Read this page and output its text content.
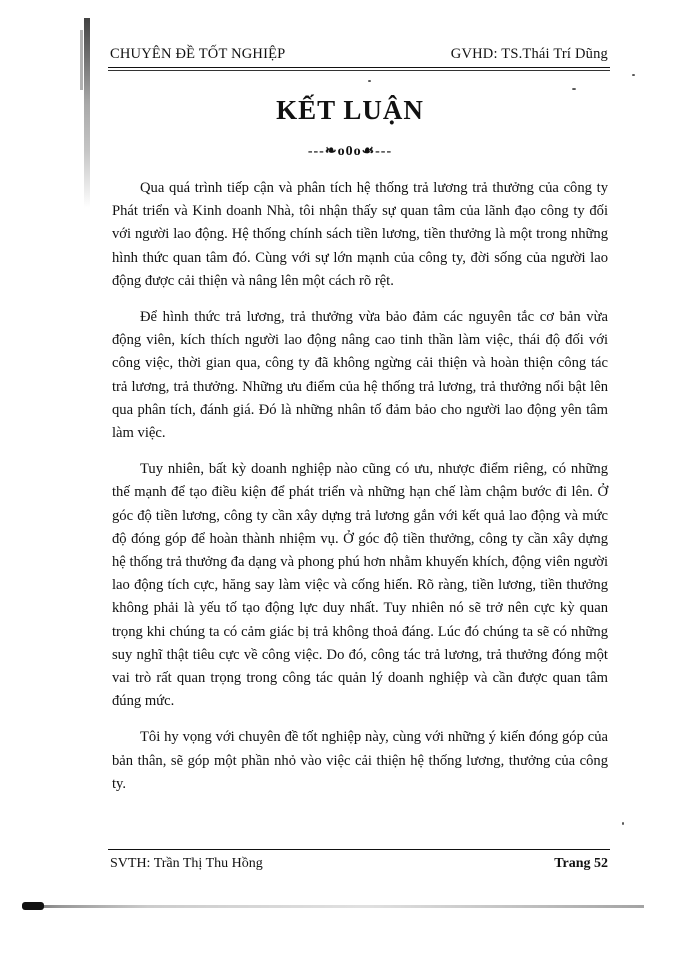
CHUYÊN ĐỀ TỐT NGHIỆP	GVHD: TS.Thái Trí Dũng
KẾT LUẬN
---❧o0o☙---

Qua quá trình tiếp cận và phân tích hệ thống trả lương trả thưởng của công ty Phát triển và Kinh doanh Nhà, tôi nhận thấy sự quan tâm của lãnh đạo công ty đối với người lao động. Hệ thống chính sách tiền lương, tiền thưởng là một trong những hình thức quan tâm đó. Cùng với sự lớn mạnh của công ty, đời sống của người lao động được cải thiện và nâng lên một cách rõ rệt.

Để hình thức trả lương, trả thưởng vừa bảo đảm các nguyên tắc cơ bản vừa động viên, kích thích người lao động nâng cao tinh thần làm việc, thái độ đối với công việc, thời gian qua, công ty đã không ngừng cải thiện và hoàn thiện công tác trả lương, trả thưởng. Những ưu điểm của hệ thống trả lương, trả thưởng nổi bật lên qua phân tích, đánh giá. Đó là những nhân tố đảm bảo cho người lao động yên tâm làm việc.

Tuy nhiên, bất kỳ doanh nghiệp nào cũng có ưu, nhược điểm riêng, có những thế mạnh để tạo điều kiện để phát triển và những hạn chế làm chậm bước đi lên. Ở góc độ tiền lương, công ty cần xây dựng trả lương gắn với kết quả lao động và mức độ đóng góp để hoàn thành nhiệm vụ. Ở góc độ tiền thưởng, công ty cần xây dựng hệ thống trả thưởng đa dạng và phong phú hơn nhằm khuyến khích, động viên người lao động tích cực, hăng say làm việc và cống hiến. Rõ ràng, tiền lương, tiền thưởng không phải là yếu tố tạo động lực duy nhất. Tuy nhiên nó sẽ trở nên cực kỳ quan trọng khi chúng ta có cảm giác bị trả không thoả đáng. Lúc đó chúng ta sẽ có những suy nghĩ thật tiêu cực về công việc. Do đó, công tác trả lương, trả thưởng đóng một vai trò rất quan trọng trong công tác quản lý doanh nghiệp và cần được quan tâm đúng mức.

Tôi hy vọng với chuyên đề tốt nghiệp này, cùng với những ý kiến đóng góp của bản thân, sẽ góp một phần nhỏ vào việc cải thiện hệ thống lương, thưởng của công ty.

SVTH: Trần Thị Thu Hồng	Trang 52
